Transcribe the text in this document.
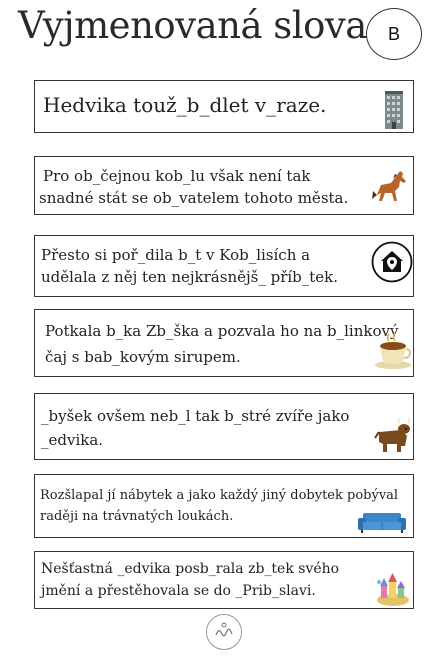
Vyjmenovaná slova	B
Hedvika touž_b_dlet v_raze.
Pro ob_čejnou kob_lu však není tak
snadné stát se ob_vatelem tohoto města.
Přesto si poř_dila b_t v Kob_lisích a
udělala z něj ten nejkrásnějš_ příb_tek.
Potkala b_ka Zb_ška a pozvala ho na b_linkový
čaj s bab_kovým sirupem.
_byšek ovšem neb_l tak b_stré zvíře jako
_edvika.
Rozšlapal jí nábytek a jako každý jiný dobytek pobýval
raději na trávnatých loukách.
Nešťastná _edvika posb_rala zb_tek svého
jmění a přestěhovala se do _Prib_slavi.
